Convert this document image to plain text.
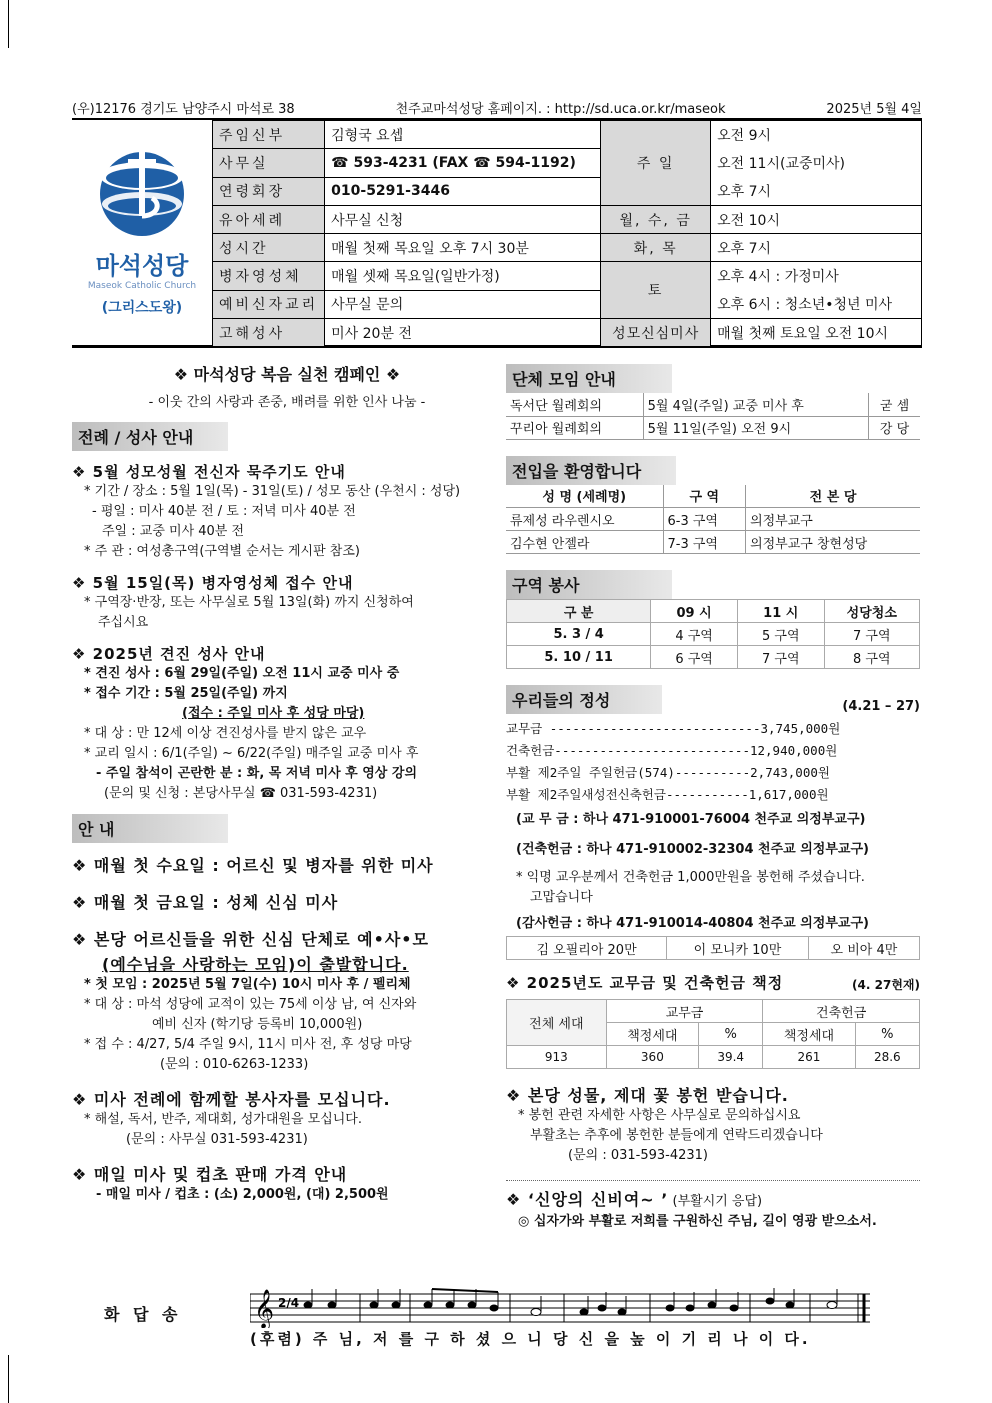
(우)12176 경기도 남양주시 마석로 38	천주교마석성당 홈페이지. : http://sd.uca.or.kr/maseok	2025년 5월 4일
마석성당
Maseok Catholic Church
(그리스도왕)
주임신부	김형국 요셉	주 일	오전 9시
사무실	☎ 593-4231 (FAX ☎ 594-1192)		오전 11시(교중미사)
연령회장	010-5291-3446		오후 7시
유아세례	사무실 신청	월, 수, 금	오전 10시
성시간	매월 첫째 목요일 오후 7시 30분	화, 목	오후 7시
병자영성체	매월 셋째 목요일(일반가정)	토	오후 4시 : 가정미사
예비신자교리	사무실 문의		오후 6시 : 청소년•청년 미사
고해성사	미사 20분 전	성모신심미사	매월 첫째 토요일 오전 10시
❖ 마석성당 복음 실천 캠페인 ❖
- 이웃 간의 사랑과 존중, 배려를 위한 인사 나눔 -
전례 / 성사 안내
❖ 5월 성모성월 전신자 묵주기도 안내
* 기간 / 장소 : 5월 1일(목) - 31일(토) / 성모 동산 (우천시 : 성당)
- 평일 : 미사 40분 전 / 토 : 저녁 미사 40분 전
주일 : 교중 미사 40분 전
* 주 관 : 여성총구역(구역별 순서는 게시판 참조)
❖ 5월 15일(목) 병자영성체 접수 안내
* 구역장·반장, 또는 사무실로 5월 13일(화) 까지 신청하여
주십시요
❖ 2025년 견진 성사 안내
* 견진 성사 : 6월 29일(주일) 오전 11시 교중 미사 중
* 접수 기간 : 5월 25일(주일) 까지
(접수 : 주일 미사 후 성당 마당)
* 대 상 : 만 12세 이상 견진성사를 받지 않은 교우
* 교리 일시 : 6/1(주일) ~ 6/22(주일) 매주일 교중 미사 후
- 주일 참석이 곤란한 분 : 화, 목 저녁 미사 후 영상 강의
(문의 및 신청 : 본당사무실 ☎ 031-593-4231)
안 내
❖ 매월 첫 수요일 : 어르신 및 병자를 위한 미사
❖ 매월 첫 금요일 : 성체 신심 미사
❖ 본당 어르신들을 위한 신심 단체로 예•사•모
(예수님을 사랑하는 모임)이 출발합니다.
* 첫 모임 : 2025년 5월 7일(수) 10시 미사 후 / 펠리체
* 대 상 : 마석 성당에 교적이 있는 75세 이상 남, 여 신자와
예비 신자 (학기당 등록비 10,000원)
* 접 수 : 4/27, 5/4 주일 9시, 11시 미사 전, 후 성당 마당
(문의 : 010-6263-1233)
❖ 미사 전례에 함께할 봉사자를 모십니다.
* 해설, 독서, 반주, 제대회, 성가대원을 모십니다.
(문의 : 사무실 031-593-4231)
❖ 매일 미사 및 컵초 판매 가격 안내
- 매일 미사 / 컵초 : (소) 2,000원, (대) 2,500원
단체 모임 안내
독서단 월례회의	5월 4일(주일) 교중 미사 후	굳 셈
꾸리아 월례회의	5월 11일(주일) 오전 9시	강 당
전입을 환영합니다
성 명 (세례명)	구 역	전 본 당
류제성 라우렌시오	6-3 구역	의정부교구
김수현 안젤라	7-3 구역	의정부교구 창현성당
구역 봉사
구 분	09 시	11 시	성당청소
5. 3 / 4	4 구역	5 구역	7 구역
5. 10 / 11	6 구역	7 구역	8 구역
우리들의 정성	(4.21 – 27)
교무금 ----------------------------3,745,000원
건축헌금--------------------------12,940,000원
부활 제2주일 주일헌금(574)----------2,743,000원
부활 제2주일새성전신축헌금-----------1,617,000원
(교 무 금 : 하나 471-910001-76004 천주교 의정부교구)
(건축헌금 : 하나 471-910002-32304 천주교 의정부교구)
* 익명 교우분께서 건축헌금 1,000만원을 봉헌해 주셨습니다.
고맙습니다
(감사헌금 : 하나 471-910014-40804 천주교 의정부교구)
김 오필리아 20만	이 모니카 10만	오 비아 4만
❖ 2025년도 교무금 및 건축헌금 책정	(4. 27현재)
전체 세대	교무금		건축헌금	
	책정세대	%	책정세대	%
913	360	39.4	261	28.6
❖ 본당 성물, 제대 꽃 봉헌 받습니다.
* 봉헌 관련 자세한 사항은 사무실로 문의하십시요
부활초는 추후에 봉헌한 분들에게 연락드리겠습니다
(문의 : 031-593-4231)
❖ ‘신앙의 신비여~ ’ (부활시기 응답)
◎ 십자가와 부활로 저희를 구원하신 주님, 길이 영광 받으소서.
화 답 송 𝄞 2/4
(후렴) 주 님, 저 를 구 하 셨 으 니 당 신 을 높 이 기 리 나 이 다.
